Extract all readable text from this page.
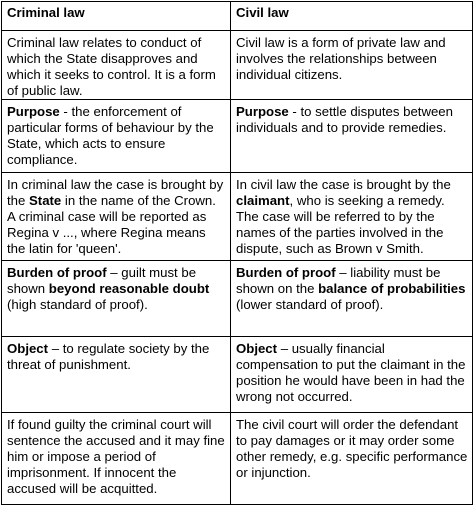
Criminal law	Civil law

Criminal law relates to conduct of which the State disapproves and which it seeks to control. It is a form of public law.	Civil law is a form of private law and involves the relationships between individual citizens.

Purpose - the enforcement of particular forms of behaviour by the State, which acts to ensure compliance.	Purpose - to settle disputes between individuals and to provide remedies.

In criminal law the case is brought by the State in the name of the Crown. A criminal case will be reported as Regina v ..., where Regina means the latin for 'queen'.	In civil law the case is brought by the claimant, who is seeking a remedy. The case will be referred to by the names of the parties involved in the dispute, such as Brown v Smith.

Burden of proof – guilt must be shown beyond reasonable doubt (high standard of proof).	Burden of proof – liability must be shown on the balance of probabilities (lower standard of proof).

Object – to regulate society by the threat of punishment.	Object – usually financial compensation to put the claimant in the position he would have been in had the wrong not occurred.

If found guilty the criminal court will sentence the accused and it may fine him or impose a period of imprisonment. If innocent the accused will be acquitted.	The civil court will order the defendant to pay damages or it may order some other remedy, e.g. specific performance or injunction.
